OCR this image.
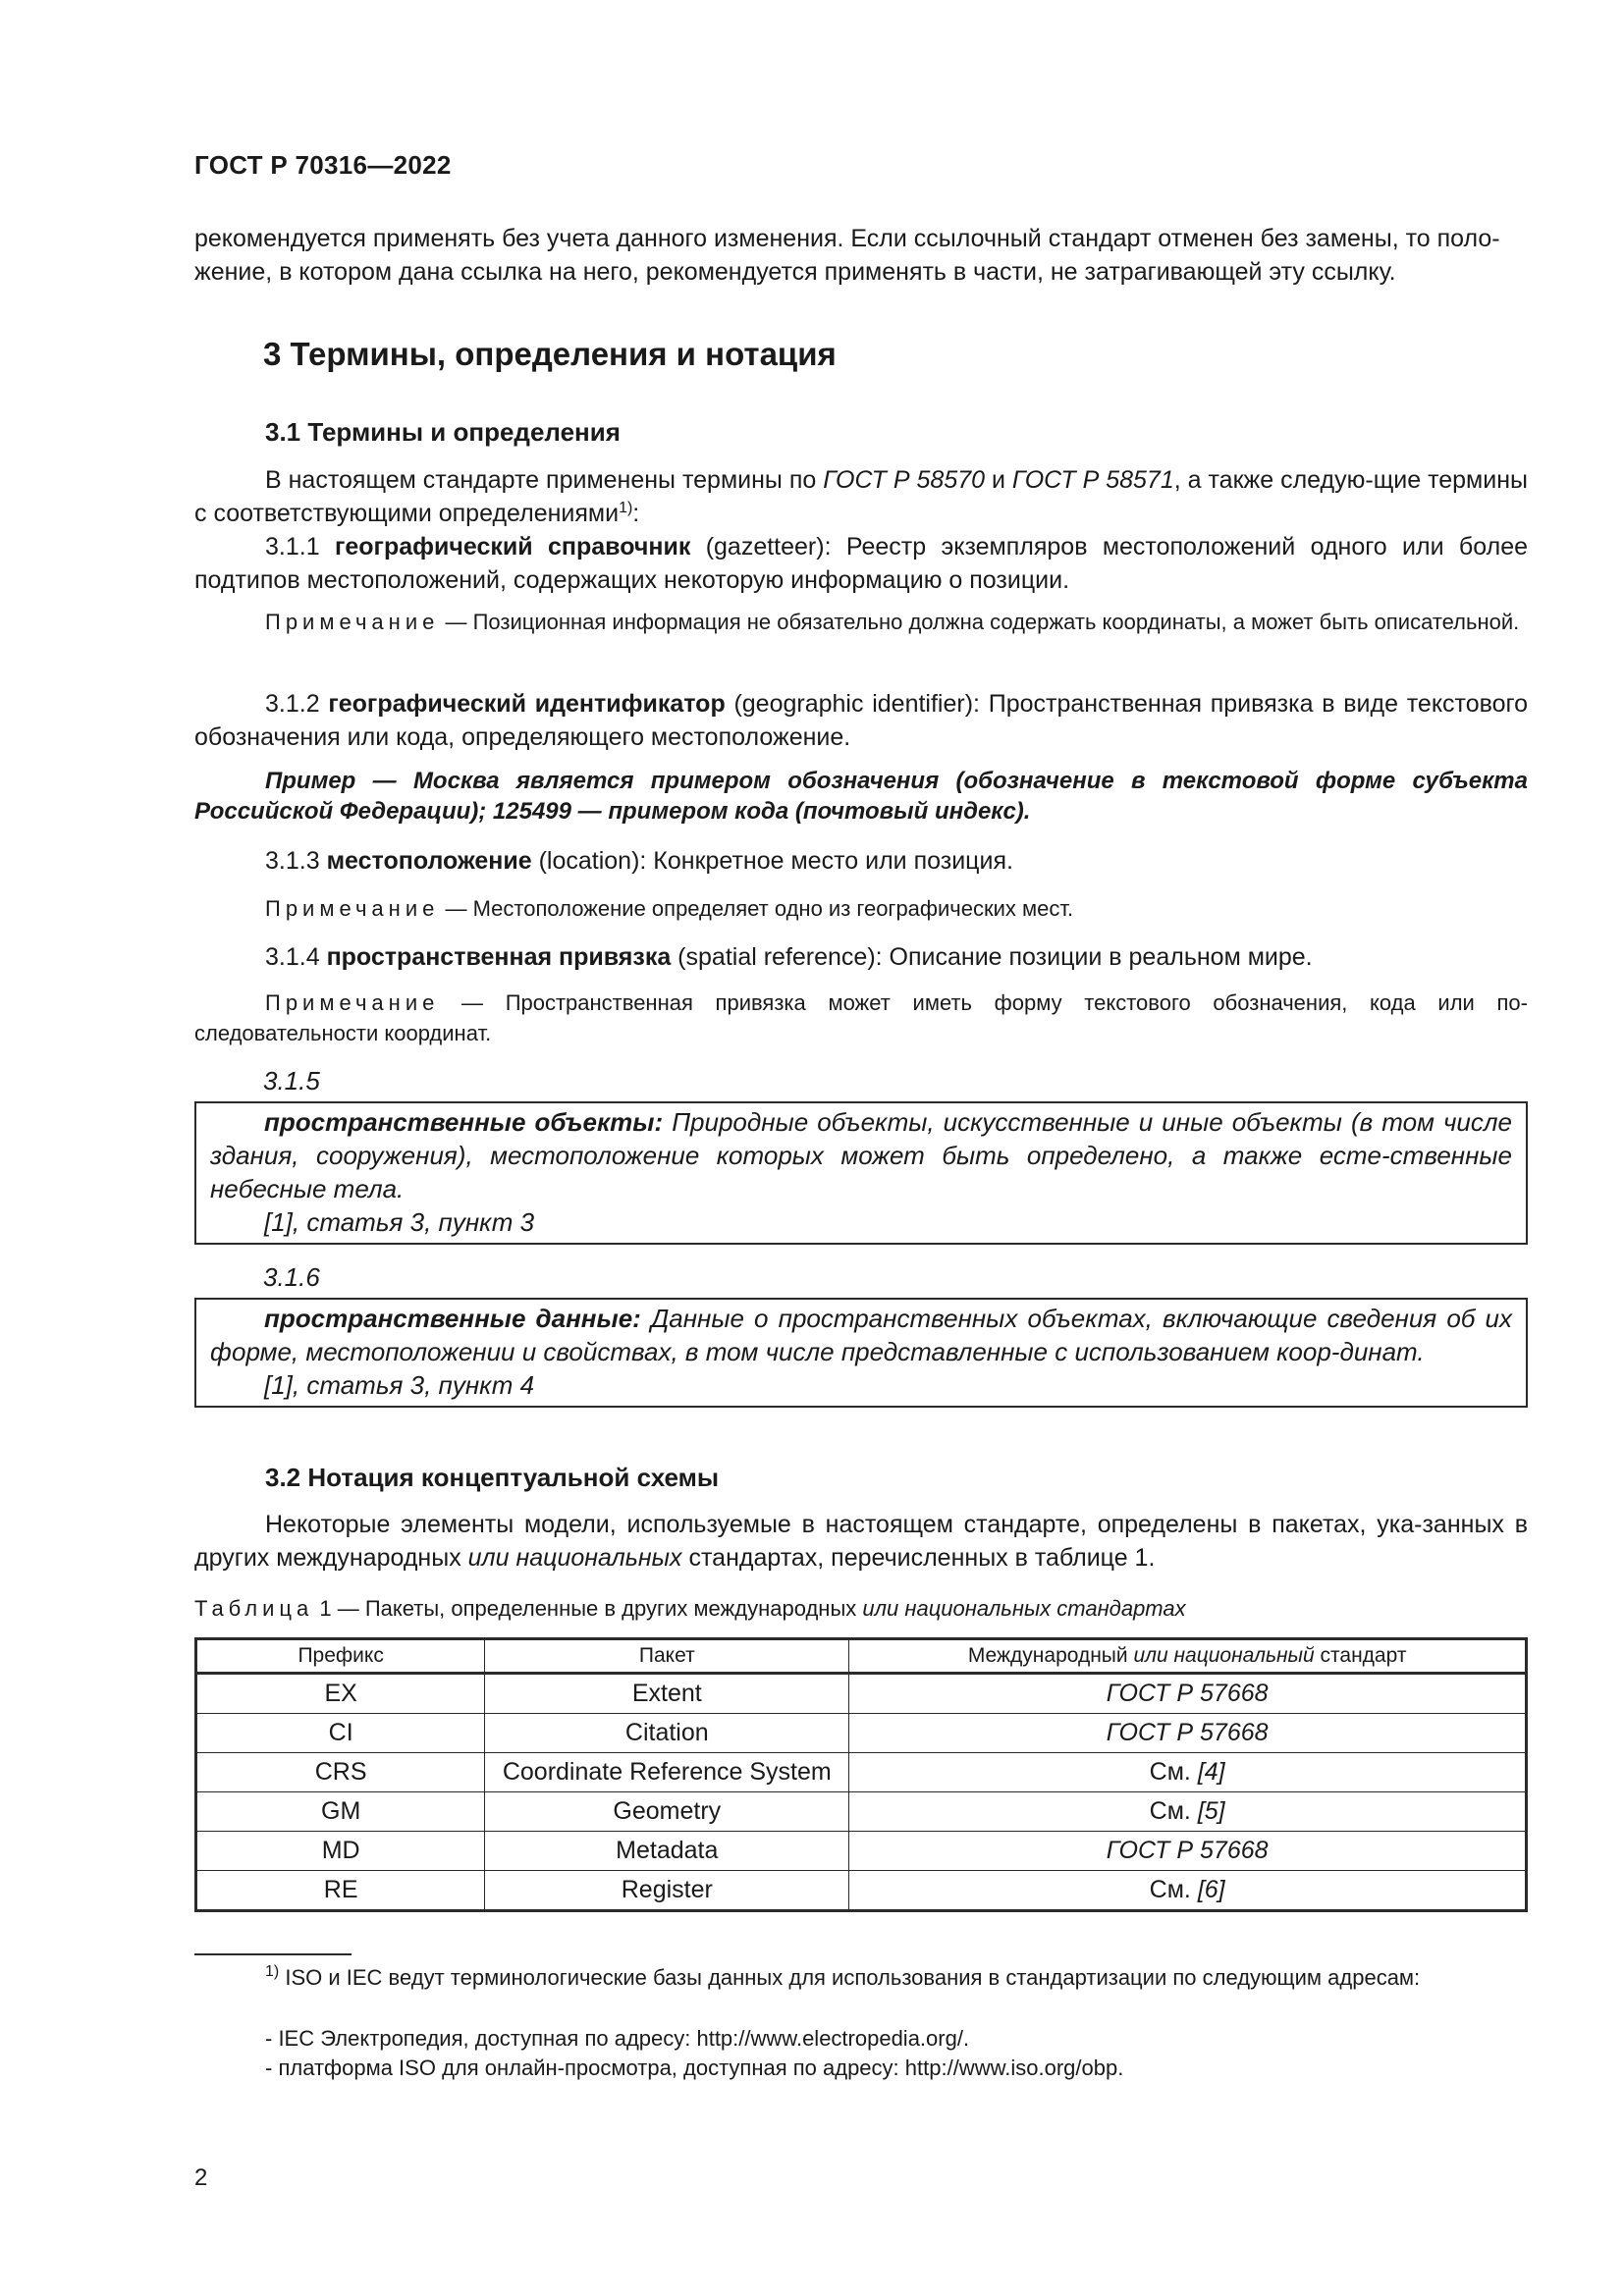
ГОСТ Р 70316—2022
рекомендуется применять без учета данного изменения. Если ссылочный стандарт отменен без замены, то поло-
жение, в котором дана ссылка на него, рекомендуется применять в части, не затрагивающей эту ссылку.
3 Термины, определения и нотация
3.1 Термины и определения
В настоящем стандарте применены термины по ГОСТ Р 58570 и ГОСТ Р 58571, а также следую-щие термины с соответствующими определениями$^{1)}$:
3.1.1 географический справочник (gazetteer): Реестр экземпляров местоположений одного или более подтипов местоположений, содержащих некоторую информацию о позиции.
Примечание — Позиционная информация не обязательно должна содержать координаты, а может быть описательной.
3.1.2 географический идентификатор (geographic identifier): Пространственная привязка в виде текстового обозначения или кода, определяющего местоположение.
Пример — Москва является примером обозначения (обозначение в текстовой форме субъекта Российской Федерации); 125499 — примером кода (почтовый индекс).
3.1.3 местоположение (location): Конкретное место или позиция.
Примечание — Местоположение определяет одно из географических мест.
3.1.4 пространственная привязка (spatial reference): Описание позиции в реальном мире.
Примечание — Пространственная привязка может иметь форму текстового обозначения, кода или по-следовательности координат.
3.1.5
пространственные объекты: Природные объекты, искусственные и иные объекты (в том числе здания, сооружения), местоположение которых может быть определено, а также есте-ственные небесные тела.
[1], статья 3, пункт 3
3.1.6
пространственные данные: Данные о пространственных объектах, включающие сведения об их форме, местоположении и свойствах, в том числе представленные с использованием коор-динат.
[1], статья 3, пункт 4
3.2 Нотация концептуальной схемы
Некоторые элементы модели, используемые в настоящем стандарте, определены в пакетах, ука-занных в других международных или национальных стандартах, перечисленных в таблице 1.
Таблица 1 — Пакеты, определенные в других международных или национальных стандартах
Префикс	Пакет	Международный или национальный стандарт
EX	Extent	ГОСТ Р 57668
CI	Citation	ГОСТ Р 57668
CRS	Coordinate Reference System	См. [4]
GM	Geometry	См. [5]
MD	Metadata	ГОСТ Р 57668
RE	Register	См. [6]
$^{1)}$ ISO и IEC ведут терминологические базы данных для использования в стандартизации по следующим адресам:
- IEC Электропедия, доступная по адресу: http://www.electropedia.org/.
- платформа ISO для онлайн-просмотра, доступная по адресу: http://www.iso.org/obp.
2
